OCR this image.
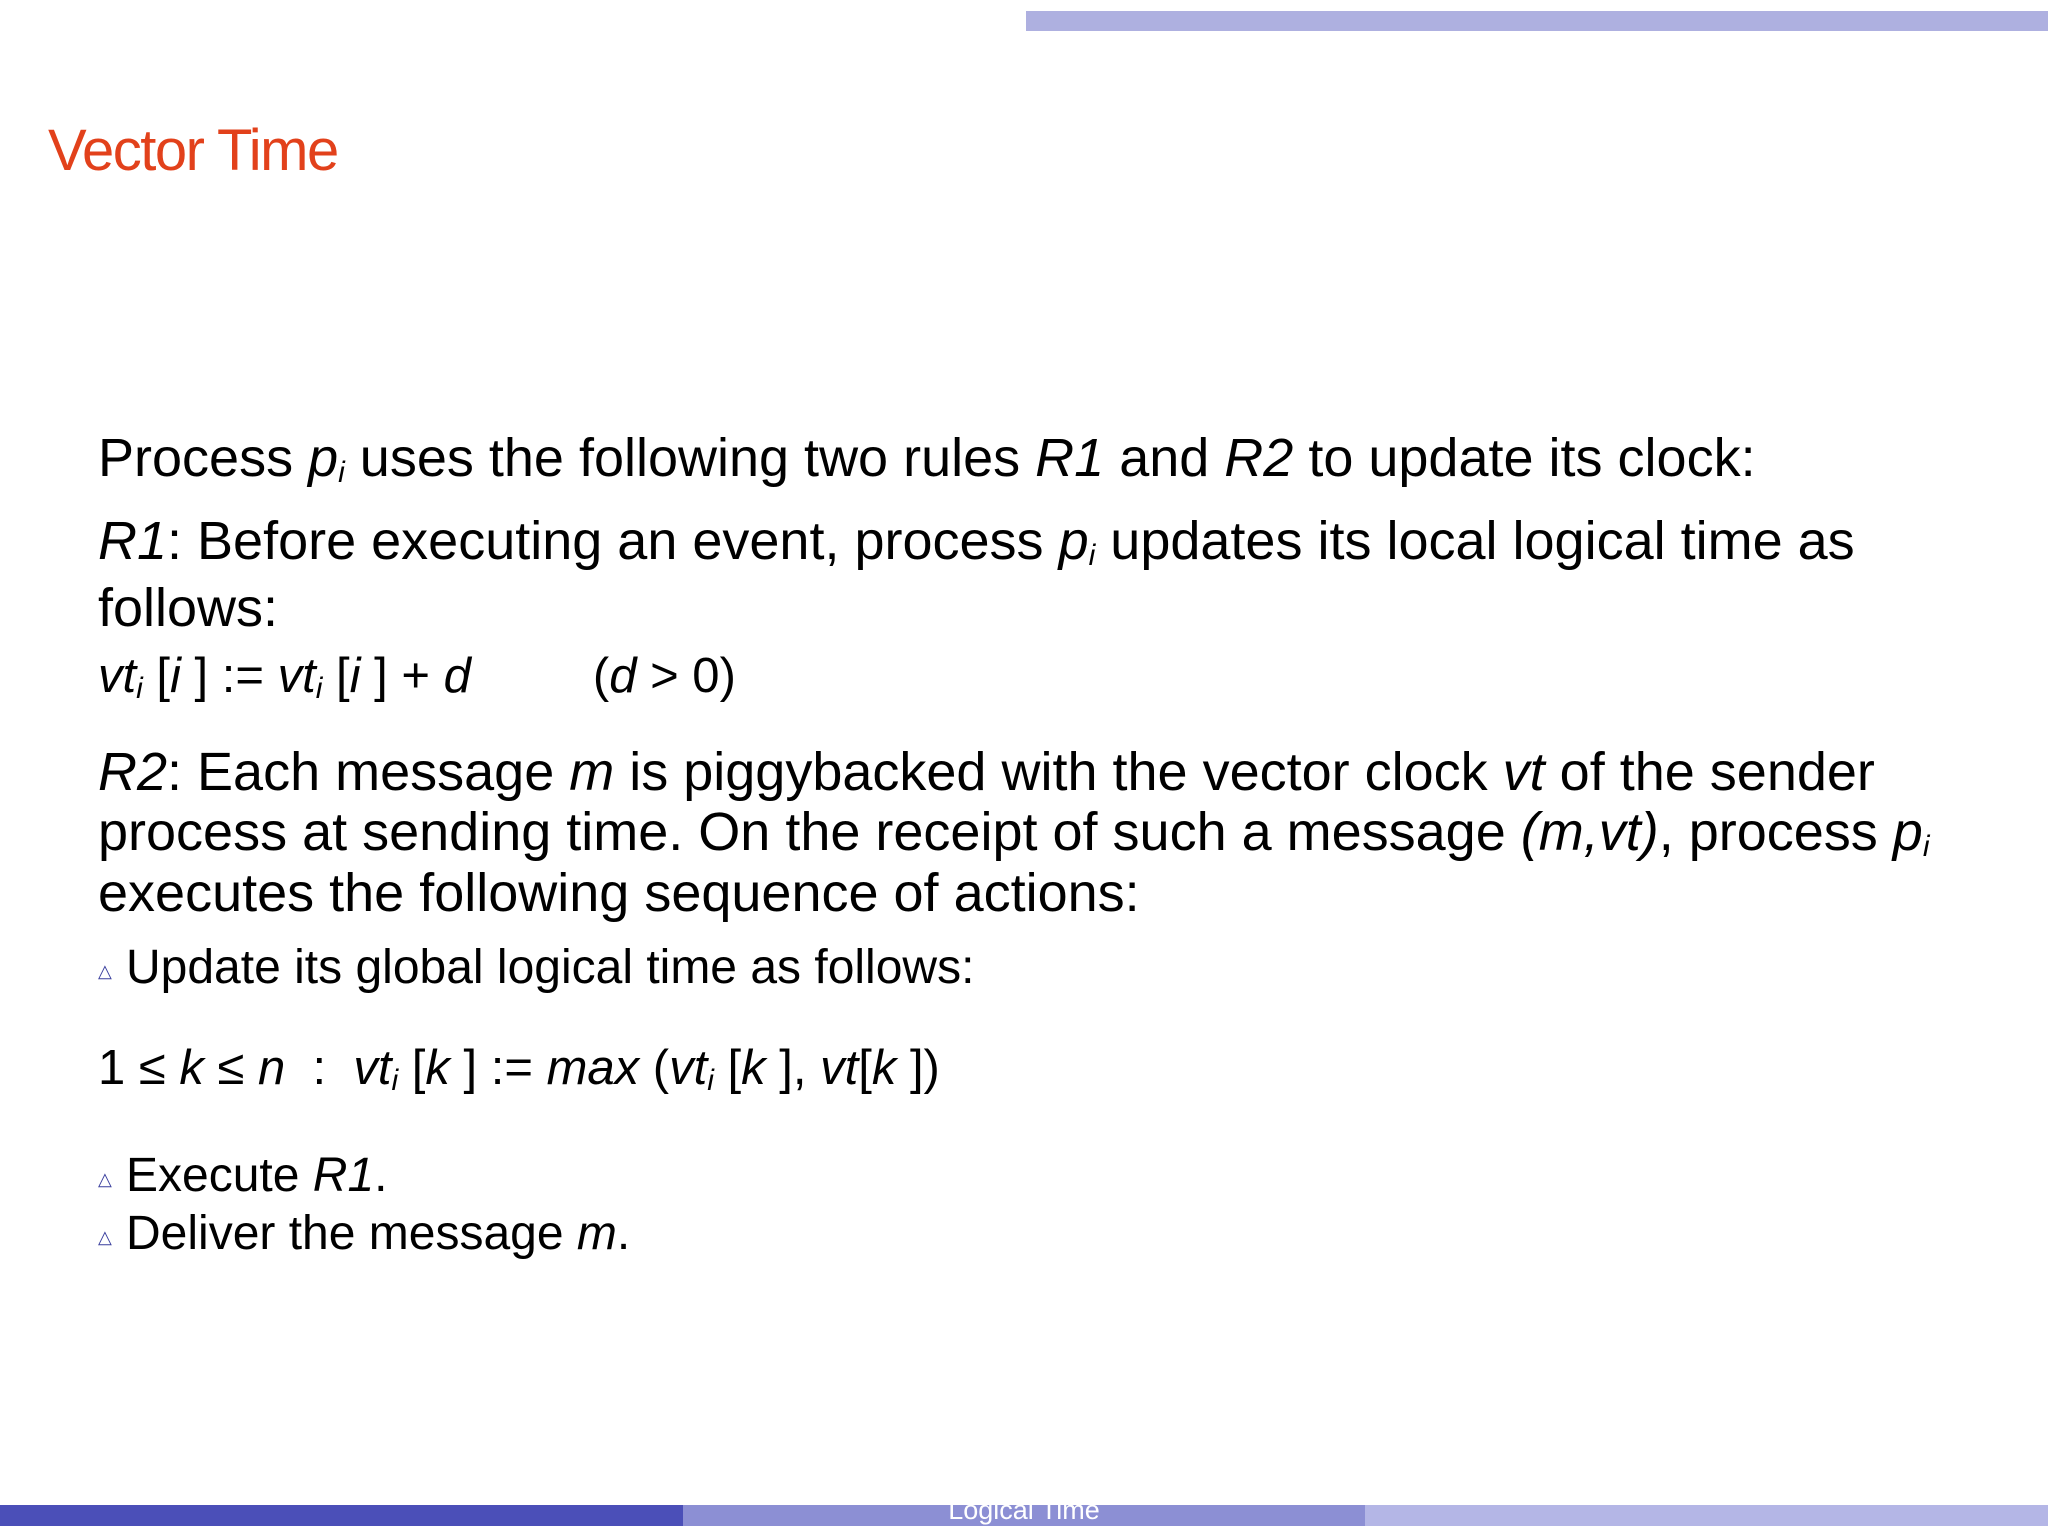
Vector Time
Process $p_i$ uses the following two rules R1 and R2 to update its clock:
R1: Before executing an event, process $p_i$ updates its local logical time as
follows:
$vt_i$ [i ] := $vt_i$ [i ] + d (d > 0)
R2: Each message m is piggybacked with the vector clock vt of the sender
process at sending time. On the receipt of such a message (m,vt), process $p_i$
executes the following sequence of actions:
△ Update its global logical time as follows:
1 ≤ k ≤ n  :  $vt_i$ [k ] := $\max (vt_i$ [k ], vt[k ])
△ Execute R1.
△ Deliver the message m.
Logical Time
